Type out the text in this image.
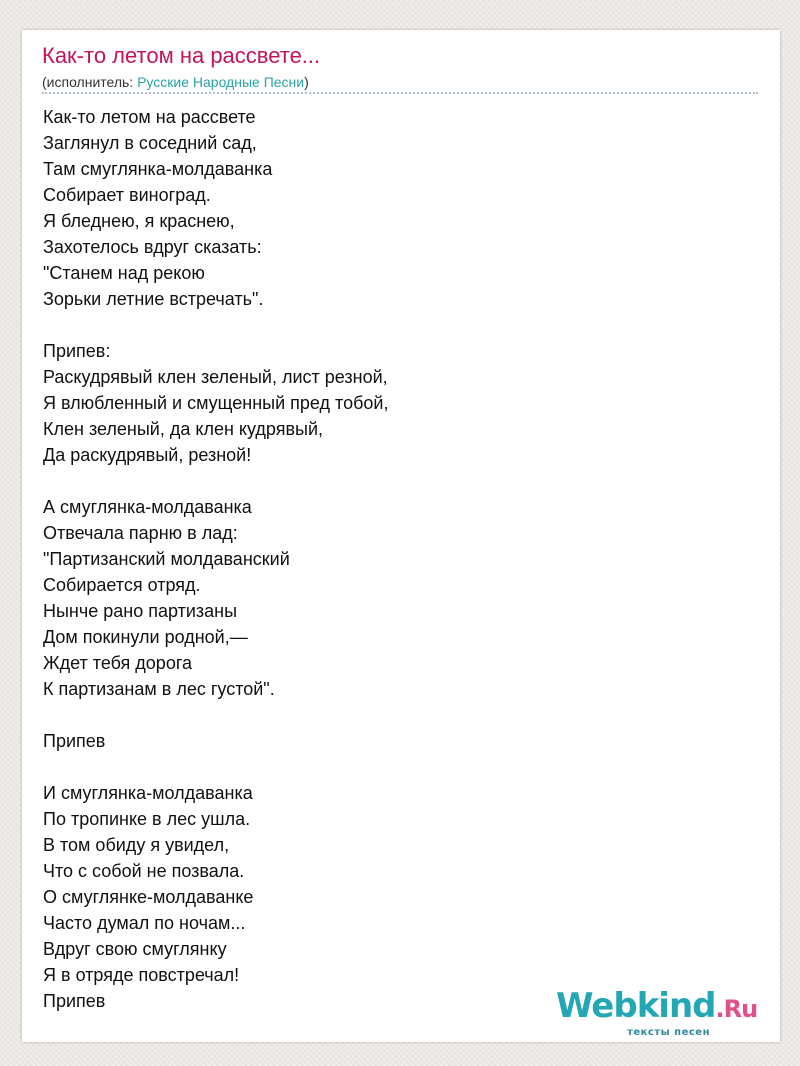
Как-то летом на рассвете...
(исполнитель: Русские Народные Песни)
Как-то летом на рассвете
Заглянул в соседний сад,
Там смуглянка-молдаванка
Собирает виноград.
Я бледнею, я краснею,
Захотелось вдруг сказать:
"Станем над рекою
Зорьки летние встречать".
Припев:
Раскудрявый клен зеленый, лист резной,
Я влюбленный и смущенный пред тобой,
Клен зеленый, да клен кудрявый,
Да раскудрявый, резной!
А смуглянка-молдаванка
Отвечала парню в лад:
"Партизанский молдаванский
Собирается отряд.
Нынче рано партизаны
Дом покинули родной,—
Ждет тебя дорога
К партизанам в лес густой".
Припев
И смуглянка-молдаванка
По тропинке в лес ушла.
В том обиду я увидел,
Что с собой не позвала.
О смуглянке-молдаванке
Часто думал по ночам...
Вдруг свою смуглянку
Я в отряде повстречал!
Припев	Webkind.Ru
тексты песен
